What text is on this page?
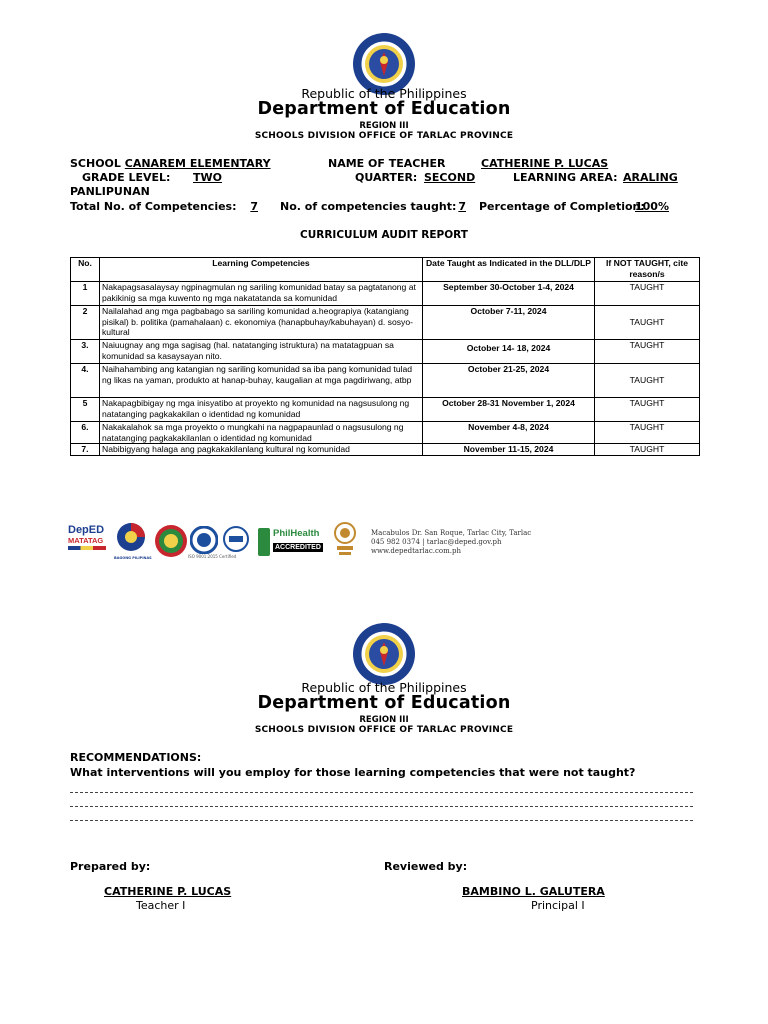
Republic of the Philippines
Department of Education
REGION III
SCHOOLS DIVISION OFFICE OF TARLAC PROVINCE
SCHOOL CANAREM ELEMENTARY	NAME OF TEACHER	CATHERINE P. LUCAS
GRADE LEVEL: TWO	QUARTER: SECOND	LEARNING AREA: ARALING
PANLIPUNAN
Total No. of Competencies:	7	No. of competencies taught: 7 Percentage of Completion:
100%
CURRICULUM AUDIT REPORT
No.	Learning Competencies	Date Taught as Indicated in the DLL/DLP	If NOT TAUGHT, cite reason/s
1	Nakapagsasalaysay ngpinagmulan ng sariling komunidad batay sa pagtatanong at pakikinig sa mga kuwento ng mga nakatatanda sa komunidad	September 30-October 1-4, 2024	TAUGHT
2	Nailalahad ang mga pagbabago sa sariling komunidad a.heograpiya (katangiang pisikal) b. politika (pamahalaan) c. ekonomiya (hanapbuhay/kabuhayan) d. sosyo-kultural	October 7-11, 2024	TAUGHT
3.	Naiuugnay ang mga sagisag (hal. natatanging istruktura) na matatagpuan sa komunidad sa kasaysayan nito.	October 14- 18, 2024	TAUGHT
4.	Naihahambing ang katangian ng sariling komunidad sa iba pang komunidad tulad ng likas na yaman, produkto at hanap-buhay, kaugalian at mga pagdiriwang, atbp	October 21-25, 2024	TAUGHT
5	Nakapagbibigay ng mga inisyatibo at proyekto ng komunidad na nagsusulong ng natatanging pagkakakilan o identidad ng komunidad	October 28-31 November 1, 2024	TAUGHT
6.	Nakakalahok sa mga proyekto o mungkahi na nagpapaunlad o nagsusulong ng natatanging pagkakakilanlan o identidad ng komunidad	November 4-8, 2024	TAUGHT
7.	Nabibigyang halaga ang pagkakakilanlang kultural ng komunidad	November 11-15, 2024	TAUGHT
DepED
MATATAG
BAGONG PILIPINAS	ISO 9001:2015 Certified
PhilHealth
ACCREDITED
Macabulos Dr. San Roque, Tarlac City, Tarlac
045 982 0374 | tarlac@deped.gov.ph
www.depedtarlac.com.ph
Republic of the Philippines
Department of Education
REGION III
SCHOOLS DIVISION OFFICE OF TARLAC PROVINCE
RECOMMENDATIONS:
What interventions will you employ for those learning competencies that were not taught?
Prepared by:	Reviewed by:
CATHERINE P. LUCAS
Teacher I
BAMBINO L. GALUTERA
Principal I
